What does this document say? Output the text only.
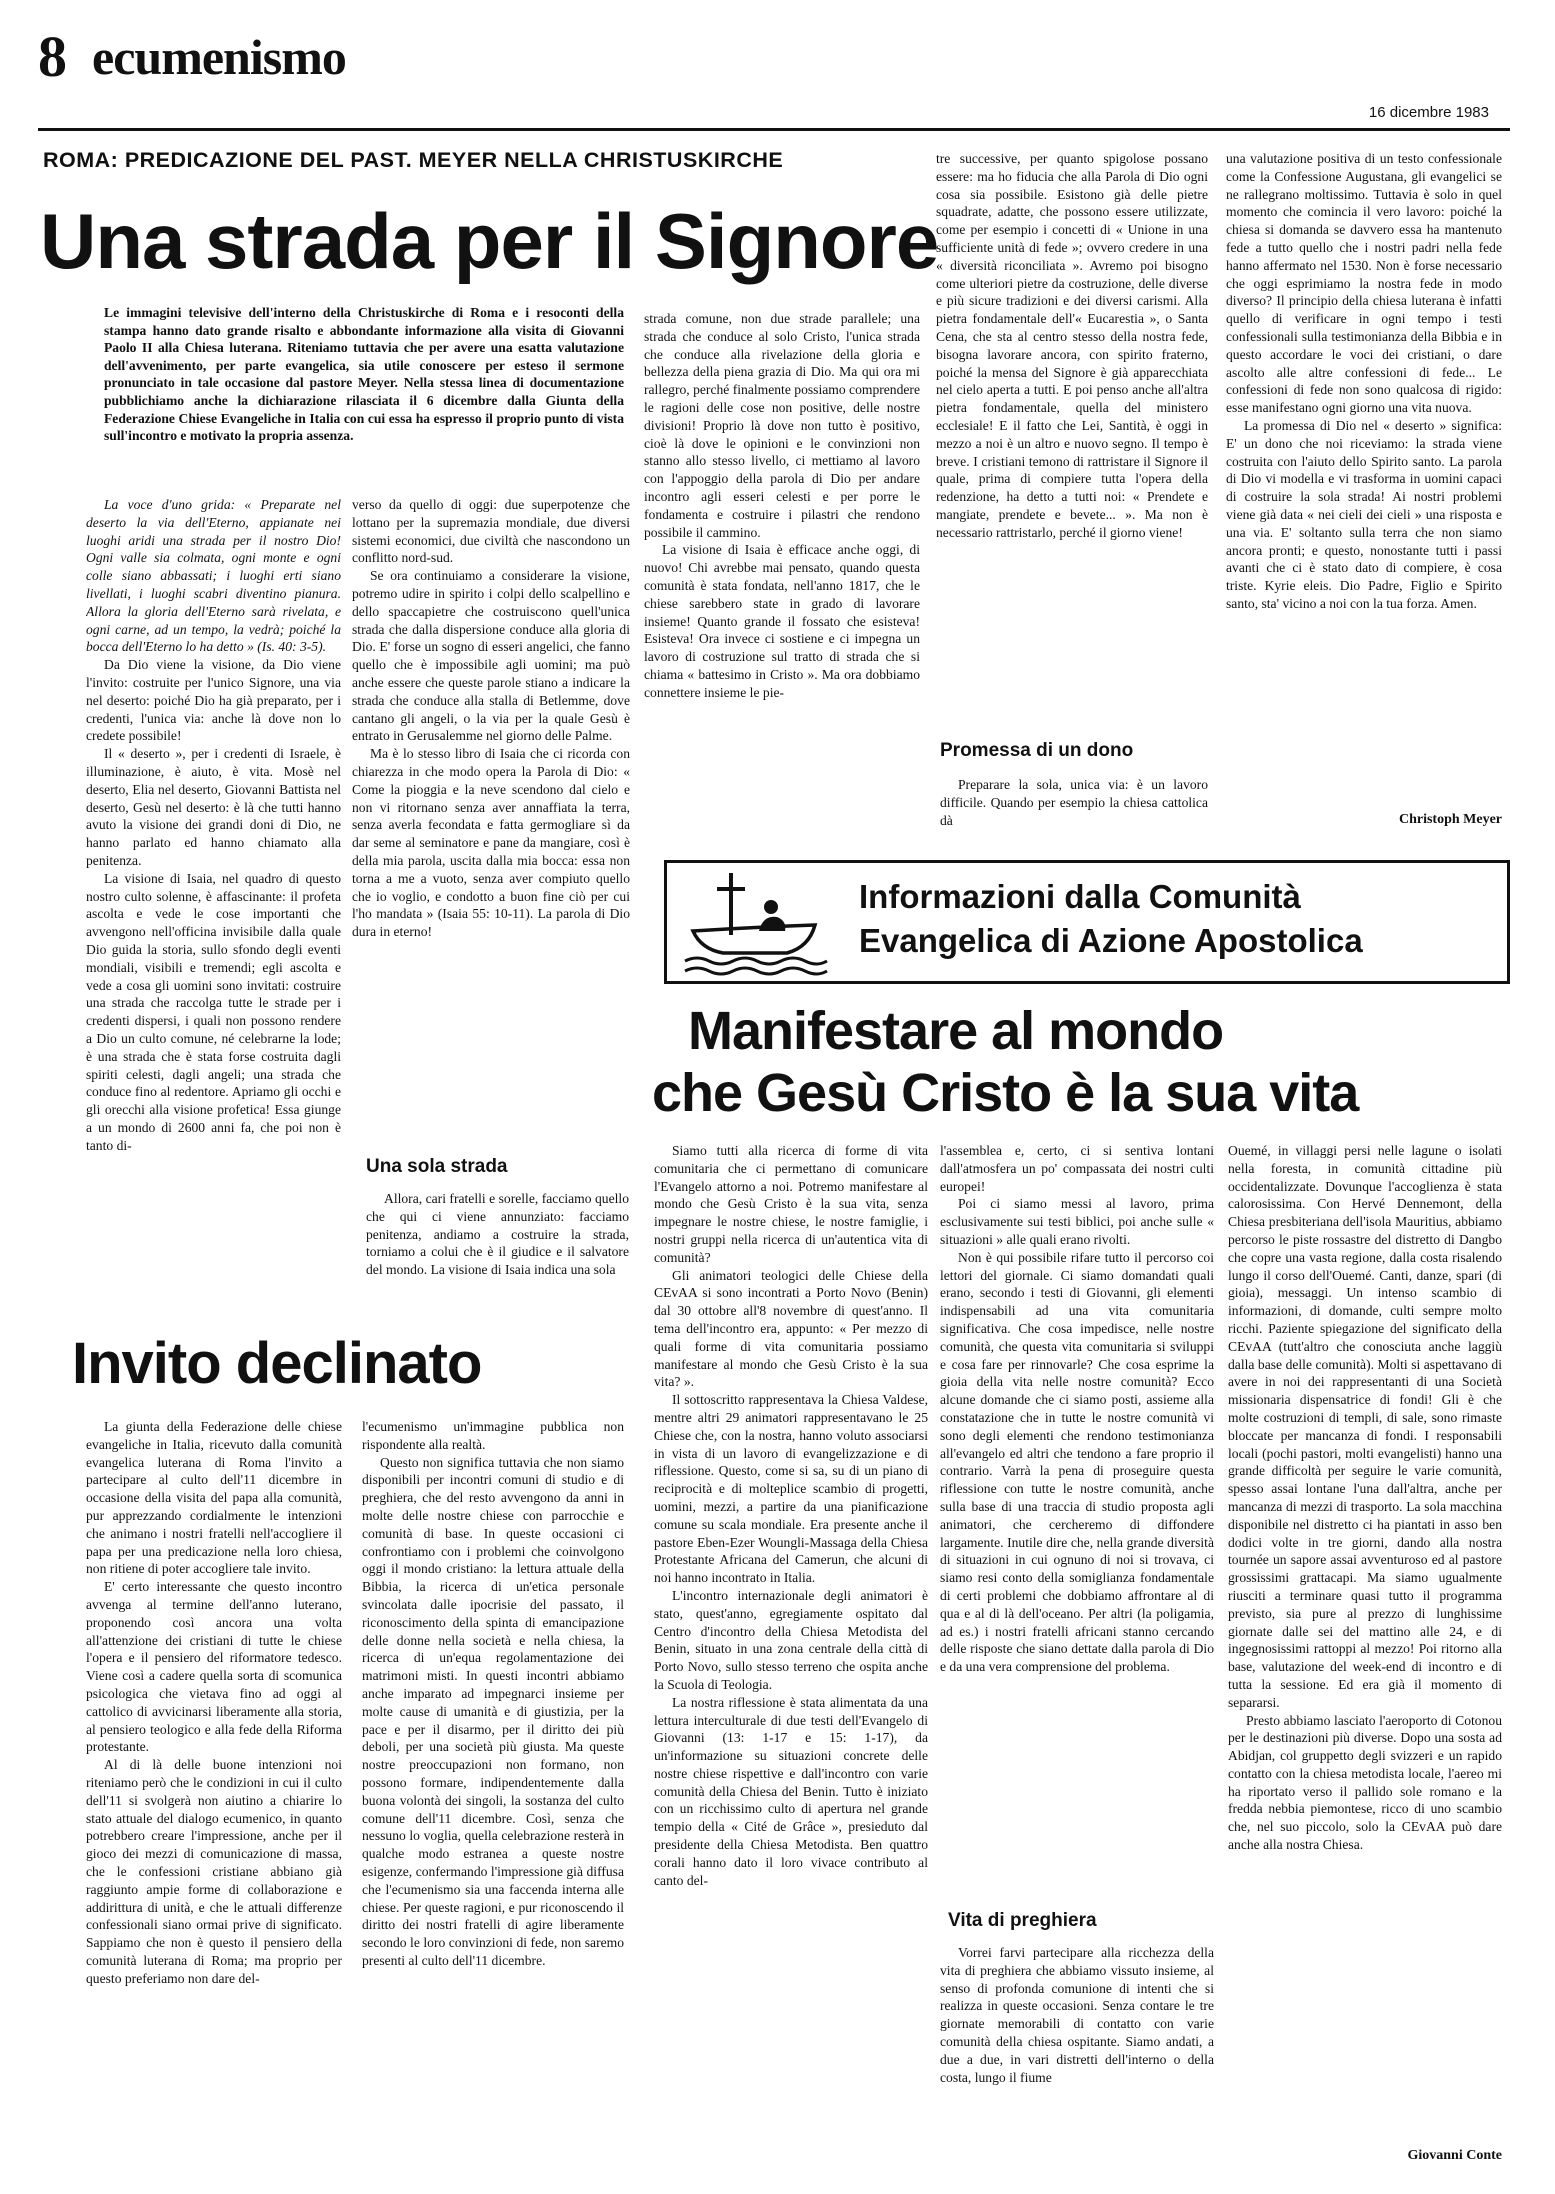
8 ecumenismo
16 dicembre 1983
ROMA: PREDICAZIONE DEL PAST. MEYER NELLA CHRISTUSKIRCHE
Una strada per il Signore
Le immagini televisive dell'interno della Christuskirche di Roma e i resoconti della stampa hanno dato grande risalto e abbondante informazione alla visita di Giovanni Paolo II alla Chiesa luterana. Riteniamo tuttavia che per avere una esatta valutazione dell'avvenimento, per parte evangelica, sia utile conoscere per esteso il sermone pronunciato in tale occasione dal pastore Meyer. Nella stessa linea di documentazione pubblichiamo anche la dichiarazione rilasciata il 6 dicembre dalla Giunta della Federazione Chiese Evangeliche in Italia con cui essa ha espresso il proprio punto di vista sull'incontro e motivato la propria assenza.

La voce d'uno grida: « Preparate nel deserto la via dell'Eterno, appianate nei luoghi aridi una strada per il nostro Dio! Ogni valle sia colmata, ogni monte e ogni colle siano abbassati; i luoghi erti siano livellati, i luoghi scabri diventino pianura. Allora la gloria dell'Eterno sarà rivelata, e ogni carne, ad un tempo, la vedrà; poiché la bocca dell'Eterno lo ha detto » (Is. 40: 3-5).

Da Dio viene la visione, da Dio viene l'invito: costruite per l'unico Signore, una via nel deserto: poiché Dio ha già preparato, per i credenti, l'unica via: anche là dove non lo credete possibile!

Il « deserto », per i credenti di Israele, è illuminazione, è aiuto, è vita. Mosè nel deserto, Elia nel deserto, Giovanni Battista nel deserto, Gesù nel deserto: è là che tutti hanno avuto la visione dei grandi doni di Dio, ne hanno parlato ed hanno chiamato alla penitenza.

La visione di Isaia, nel quadro di questo nostro culto solenne, è affascinante: il profeta ascolta e vede le cose importanti che avvengono nell'officina invisibile dalla quale Dio guida la storia, sullo sfondo degli eventi mondiali, visibili e tremendi; egli ascolta e vede a cosa gli uomini sono invitati: costruire una strada che raccolga tutte le strade per i credenti dispersi, i quali non possono rendere a Dio un culto comune, né celebrarne la lode; è una strada che è stata forse costruita dagli spiriti celesti, dagli angeli; una strada che conduce fino al redentore. Apriamo gli occhi e gli orecchi alla visione profetica! Essa giunge a un mondo di 2600 anni fa, che poi non è tanto di-

verso da quello di oggi: due superpotenze che lottano per la supremazia mondiale, due diversi sistemi economici, due civiltà che nascondono un conflitto nord-sud.

Se ora continuiamo a considerare la visione, potremo udire in spirito i colpi dello scalpellino e dello spaccapietre che costruiscono quell'unica strada che dalla dispersione conduce alla gloria di Dio. E' forse un sogno di esseri angelici, che fanno quello che è impossibile agli uomini; ma può anche essere che queste parole stiano a indicare la strada che conduce alla stalla di Betlemme, dove cantano gli angeli, o la via per la quale Gesù è entrato in Gerusalemme nel giorno delle Palme.

Ma è lo stesso libro di Isaia che ci ricorda con chiarezza in che modo opera la Parola di Dio: « Come la pioggia e la neve scendono dal cielo e non vi ritornano senza aver annaffiata la terra, senza averla fecondata e fatta germogliare sì da dar seme al seminatore e pane da mangiare, così è della mia parola, uscita dalla mia bocca: essa non torna a me a vuoto, senza aver compiuto quello che io voglio, e condotto a buon fine ciò per cui l'ho mandata » (Isaia 55: 10-11). La parola di Dio dura in eterno!

Una sola strada

Allora, cari fratelli e sorelle, facciamo quello che qui ci viene annunziato: facciamo penitenza, andiamo a costruire la strada, torniamo a colui che è il giudice e il salvatore del mondo. La visione di Isaia indica una sola

strada comune, non due strade parallele; una strada che conduce al solo Cristo, l'unica strada che conduce alla rivelazione della gloria e bellezza della piena grazia di Dio. Ma qui ora mi rallegro, perché finalmente possiamo comprendere le ragioni delle cose non positive, delle nostre divisioni! Proprio là dove non tutto è positivo, cioè là dove le opinioni e le convinzioni non stanno allo stesso livello, ci mettiamo al lavoro con l'appoggio della parola di Dio per andare incontro agli esseri celesti e per porre le fondamenta e costruire i pilastri che rendono possibile il cammino.

La visione di Isaia è efficace anche oggi, di nuovo! Chi avrebbe mai pensato, quando questa comunità è stata fondata, nell'anno 1817, che le chiese sarebbero state in grado di lavorare insieme! Quanto grande il fossato che esisteva! Esisteva! Ora invece ci sostiene e ci impegna un lavoro di costruzione sul tratto di strada che si chiama « battesimo in Cristo ». Ma ora dobbiamo connettere insieme le pie-

tre successive, per quanto spigolose possano essere: ma ho fiducia che alla Parola di Dio ogni cosa sia possibile. Esistono già delle pietre squadrate, adatte, che possono essere utilizzate, come per esempio i concetti di « Unione in una sufficiente unità di fede »; ovvero credere in una « diversità riconciliata ». Avremo poi bisogno come ulteriori pietre da costruzione, delle diverse e più sicure tradizioni e dei diversi carismi. Alla pietra fondamentale dell'« Eucarestia », o Santa Cena, che sta al centro stesso della nostra fede, bisogna lavorare ancora, con spirito fraterno, poiché la mensa del Signore è già apparecchiata nel cielo aperta a tutti. E poi penso anche all'altra pietra fondamentale, quella del ministero ecclesiale! E il fatto che Lei, Santità, è oggi in mezzo a noi è un altro e nuovo segno. Il tempo è breve. I cristiani temono di rattristare il Signore il quale, prima di compiere tutta l'opera della redenzione, ha detto a tutti noi: « Prendete e mangiate, prendete e bevete... ». Ma non è necessario rattristarlo, perché il giorno viene!

Promessa di un dono

Preparare la sola, unica via: è un lavoro difficile. Quando per esempio la chiesa cattolica dà

una valutazione positiva di un testo confessionale come la Confessione Augustana, gli evangelici se ne rallegrano moltissimo. Tuttavia è solo in quel momento che comincia il vero lavoro: poiché la chiesa si domanda se davvero essa ha mantenuto fede a tutto quello che i nostri padri nella fede hanno affermato nel 1530. Non è forse necessario che oggi esprimiamo la nostra fede in modo diverso? Il principio della chiesa luterana è infatti quello di verificare in ogni tempo i testi confessionali sulla testimonianza della Bibbia e in questo accordare le voci dei cristiani, o dare ascolto alle altre confessioni di fede... Le confessioni di fede non sono qualcosa di rigido: esse manifestano ogni giorno una vita nuova.

La promessa di Dio nel « deserto » significa: E' un dono che noi riceviamo: la strada viene costruita con l'aiuto dello Spirito santo. La parola di Dio vi modella e vi trasforma in uomini capaci di costruire la sola strada! Ai nostri problemi viene già data « nei cieli dei cieli » una risposta e una via. E' soltanto sulla terra che non siamo ancora pronti; e questo, nonostante tutti i passi avanti che ci è stato dato di compiere, è cosa triste. Kyrie eleis. Dio Padre, Figlio e Spirito santo, sta' vicino a noi con la tua forza. Amen.

Christoph Meyer
Informazioni dalla Comunità
Evangelica di Azione Apostolica
Manifestare al mondo
che Gesù Cristo è la sua vita

Siamo tutti alla ricerca di forme di vita comunitaria che ci permettano di comunicare l'Evangelo attorno a noi. Potremo manifestare al mondo che Gesù Cristo è la sua vita, senza impegnare le nostre chiese, le nostre famiglie, i nostri gruppi nella ricerca di un'autentica vita di comunità?

Gli animatori teologici delle Chiese della CEvAA si sono incontrati a Porto Novo (Benin) dal 30 ottobre all'8 novembre di quest'anno. Il tema dell'incontro era, appunto: « Per mezzo di quali forme di vita comunitaria possiamo manifestare al mondo che Gesù Cristo è la sua vita? ».

Il sottoscritto rappresentava la Chiesa Valdese, mentre altri 29 animatori rappresentavano le 25 Chiese che, con la nostra, hanno voluto associarsi in vista di un lavoro di evangelizzazione e di riflessione. Questo, come si sa, su di un piano di reciprocità e di molteplice scambio di progetti, uomini, mezzi, a partire da una pianificazione comune su scala mondiale. Era presente anche il pastore Eben-Ezer Woungli-Massaga della Chiesa Protestante Africana del Camerun, che alcuni di noi hanno incontrato in Italia.

L'incontro internazionale degli animatori è stato, quest'anno, egregiamente ospitato dal Centro d'incontro della Chiesa Metodista del Benin, situato in una zona centrale della città di Porto Novo, sullo stesso terreno che ospita anche la Scuola di Teologia.

La nostra riflessione è stata alimentata da una lettura interculturale di due testi dell'Evangelo di Giovanni (13: 1-17 e 15: 1-17), da un'informazione su situazioni concrete delle nostre chiese rispettive e dall'incontro con varie comunità della Chiesa del Benin. Tutto è iniziato con un ricchissimo culto di apertura nel grande tempio della « Cité de Grâce », presieduto dal presidente della Chiesa Metodista. Ben quattro corali hanno dato il loro vivace contributo al canto del-

l'assemblea e, certo, ci si sentiva lontani dall'atmosfera un po' compassata dei nostri culti europei!

Poi ci siamo messi al lavoro, prima esclusivamente sui testi biblici, poi anche sulle « situazioni » alle quali erano rivolti.

Non è qui possibile rifare tutto il percorso coi lettori del giornale. Ci siamo domandati quali erano, secondo i testi di Giovanni, gli elementi indispensabili ad una vita comunitaria significativa. Che cosa impedisce, nelle nostre comunità, che questa vita comunitaria si sviluppi e cosa fare per rinnovarle? Che cosa esprime la gioia della vita nelle nostre comunità? Ecco alcune domande che ci siamo posti, assieme alla constatazione che in tutte le nostre comunità vi sono degli elementi che rendono testimonianza all'evangelo ed altri che tendono a fare proprio il contrario. Varrà la pena di proseguire questa riflessione con tutte le nostre comunità, anche sulla base di una traccia di studio proposta agli animatori, che cercheremo di diffondere largamente. Inutile dire che, nella grande diversità di situazioni in cui ognuno di noi si trovava, ci siamo resi conto della somiglianza fondamentale di certi problemi che dobbiamo affrontare al di qua e al di là dell'oceano. Per altri (la poligamia, ad es.) i nostri fratelli africani stanno cercando delle risposte che siano dettate dalla parola di Dio e da una vera comprensione del problema.

Vita di preghiera

Vorrei farvi partecipare alla ricchezza della vita di preghiera che abbiamo vissuto insieme, al senso di profonda comunione di intenti che si realizza in queste occasioni. Senza contare le tre giornate memorabili di contatto con varie comunità della chiesa ospitante. Siamo andati, a due a due, in vari distretti dell'interno o della costa, lungo il fiume

Ouemé, in villaggi persi nelle lagune o isolati nella foresta, in comunità cittadine più occidentalizzate. Dovunque l'accoglienza è stata calorosissima. Con Hervé Dennemont, della Chiesa presbiteriana dell'isola Mauritius, abbiamo percorso le piste rossastre del distretto di Dangbo che copre una vasta regione, dalla costa risalendo lungo il corso dell'Ouemé. Canti, danze, spari (di gioia), messaggi. Un intenso scambio di informazioni, di domande, culti sempre molto ricchi. Paziente spiegazione del significato della CEvAA (tutt'altro che conosciuta anche laggiù dalla base delle comunità). Molti si aspettavano di avere in noi dei rappresentanti di una Società missionaria dispensatrice di fondi! Gli è che molte costruzioni di templi, di sale, sono rimaste bloccate per mancanza di fondi. I responsabili locali (pochi pastori, molti evangelisti) hanno una grande difficoltà per seguire le varie comunità, spesso assai lontane l'una dall'altra, anche per mancanza di mezzi di trasporto. La sola macchina disponibile nel distretto ci ha piantati in asso ben dodici volte in tre giorni, dando alla nostra tournée un sapore assai avventuroso ed al pastore grossissimi grattacapi. Ma siamo ugualmente riusciti a terminare quasi tutto il programma previsto, sia pure al prezzo di lunghissime giornate dalle sei del mattino alle 24, e di ingegnosissimi rattoppi al mezzo! Poi ritorno alla base, valutazione del week-end di incontro e di tutta la sessione. Ed era già il momento di separarsi.

Presto abbiamo lasciato l'aeroporto di Cotonou per le destinazioni più diverse. Dopo una sosta ad Abidjan, col gruppetto degli svizzeri e un rapido contatto con la chiesa metodista locale, l'aereo mi ha riportato verso il pallido sole romano e la fredda nebbia piemontese, ricco di uno scambio che, nel suo piccolo, solo la CEvAA può dare anche alla nostra Chiesa.

Giovanni Conte
Invito declinato

La giunta della Federazione delle chiese evangeliche in Italia, ricevuto dalla comunità evangelica luterana di Roma l'invito a partecipare al culto dell'11 dicembre in occasione della visita del papa alla comunità, pur apprezzando cordialmente le intenzioni che animano i nostri fratelli nell'accogliere il papa per una predicazione nella loro chiesa, non ritiene di poter accogliere tale invito.

E' certo interessante che questo incontro avvenga al termine dell'anno luterano, proponendo così ancora una volta all'attenzione dei cristiani di tutte le chiese l'opera e il pensiero del riformatore tedesco. Viene così a cadere quella sorta di scomunica psicologica che vietava fino ad oggi al cattolico di avvicinarsi liberamente alla storia, al pensiero teologico e alla fede della Riforma protestante.

Al di là delle buone intenzioni noi riteniamo però che le condizioni in cui il culto dell'11 si svolgerà non aiutino a chiarire lo stato attuale del dialogo ecumenico, in quanto potrebbero creare l'impressione, anche per il gioco dei mezzi di comunicazione di massa, che le confessioni cristiane abbiano già raggiunto ampie forme di collaborazione e addirittura di unità, e che le attuali differenze confessionali siano ormai prive di significato. Sappiamo che non è questo il pensiero della comunità luterana di Roma; ma proprio per questo preferiamo non dare del-

l'ecumenismo un'immagine pubblica non rispondente alla realtà.

Questo non significa tuttavia che non siamo disponibili per incontri comuni di studio e di preghiera, che del resto avvengono da anni in molte delle nostre chiese con parrocchie e comunità di base. In queste occasioni ci confrontiamo con i problemi che coinvolgono oggi il mondo cristiano: la lettura attuale della Bibbia, la ricerca di un'etica personale svincolata dalle ipocrisie del passato, il riconoscimento della spinta di emancipazione delle donne nella società e nella chiesa, la ricerca di un'equa regolamentazione dei matrimoni misti. In questi incontri abbiamo anche imparato ad impegnarci insieme per molte cause di umanità e di giustizia, per la pace e per il disarmo, per il diritto dei più deboli, per una società più giusta. Ma queste nostre preoccupazioni non formano, non possono formare, indipendentemente dalla buona volontà dei singoli, la sostanza del culto comune dell'11 dicembre. Così, senza che nessuno lo voglia, quella celebrazione resterà in qualche modo estranea a queste nostre esigenze, confermando l'impressione già diffusa che l'ecumenismo sia una faccenda interna alle chiese. Per queste ragioni, e pur riconoscendo il diritto dei nostri fratelli di agire liberamente secondo le loro convinzioni di fede, non saremo presenti al culto dell'11 dicembre.
